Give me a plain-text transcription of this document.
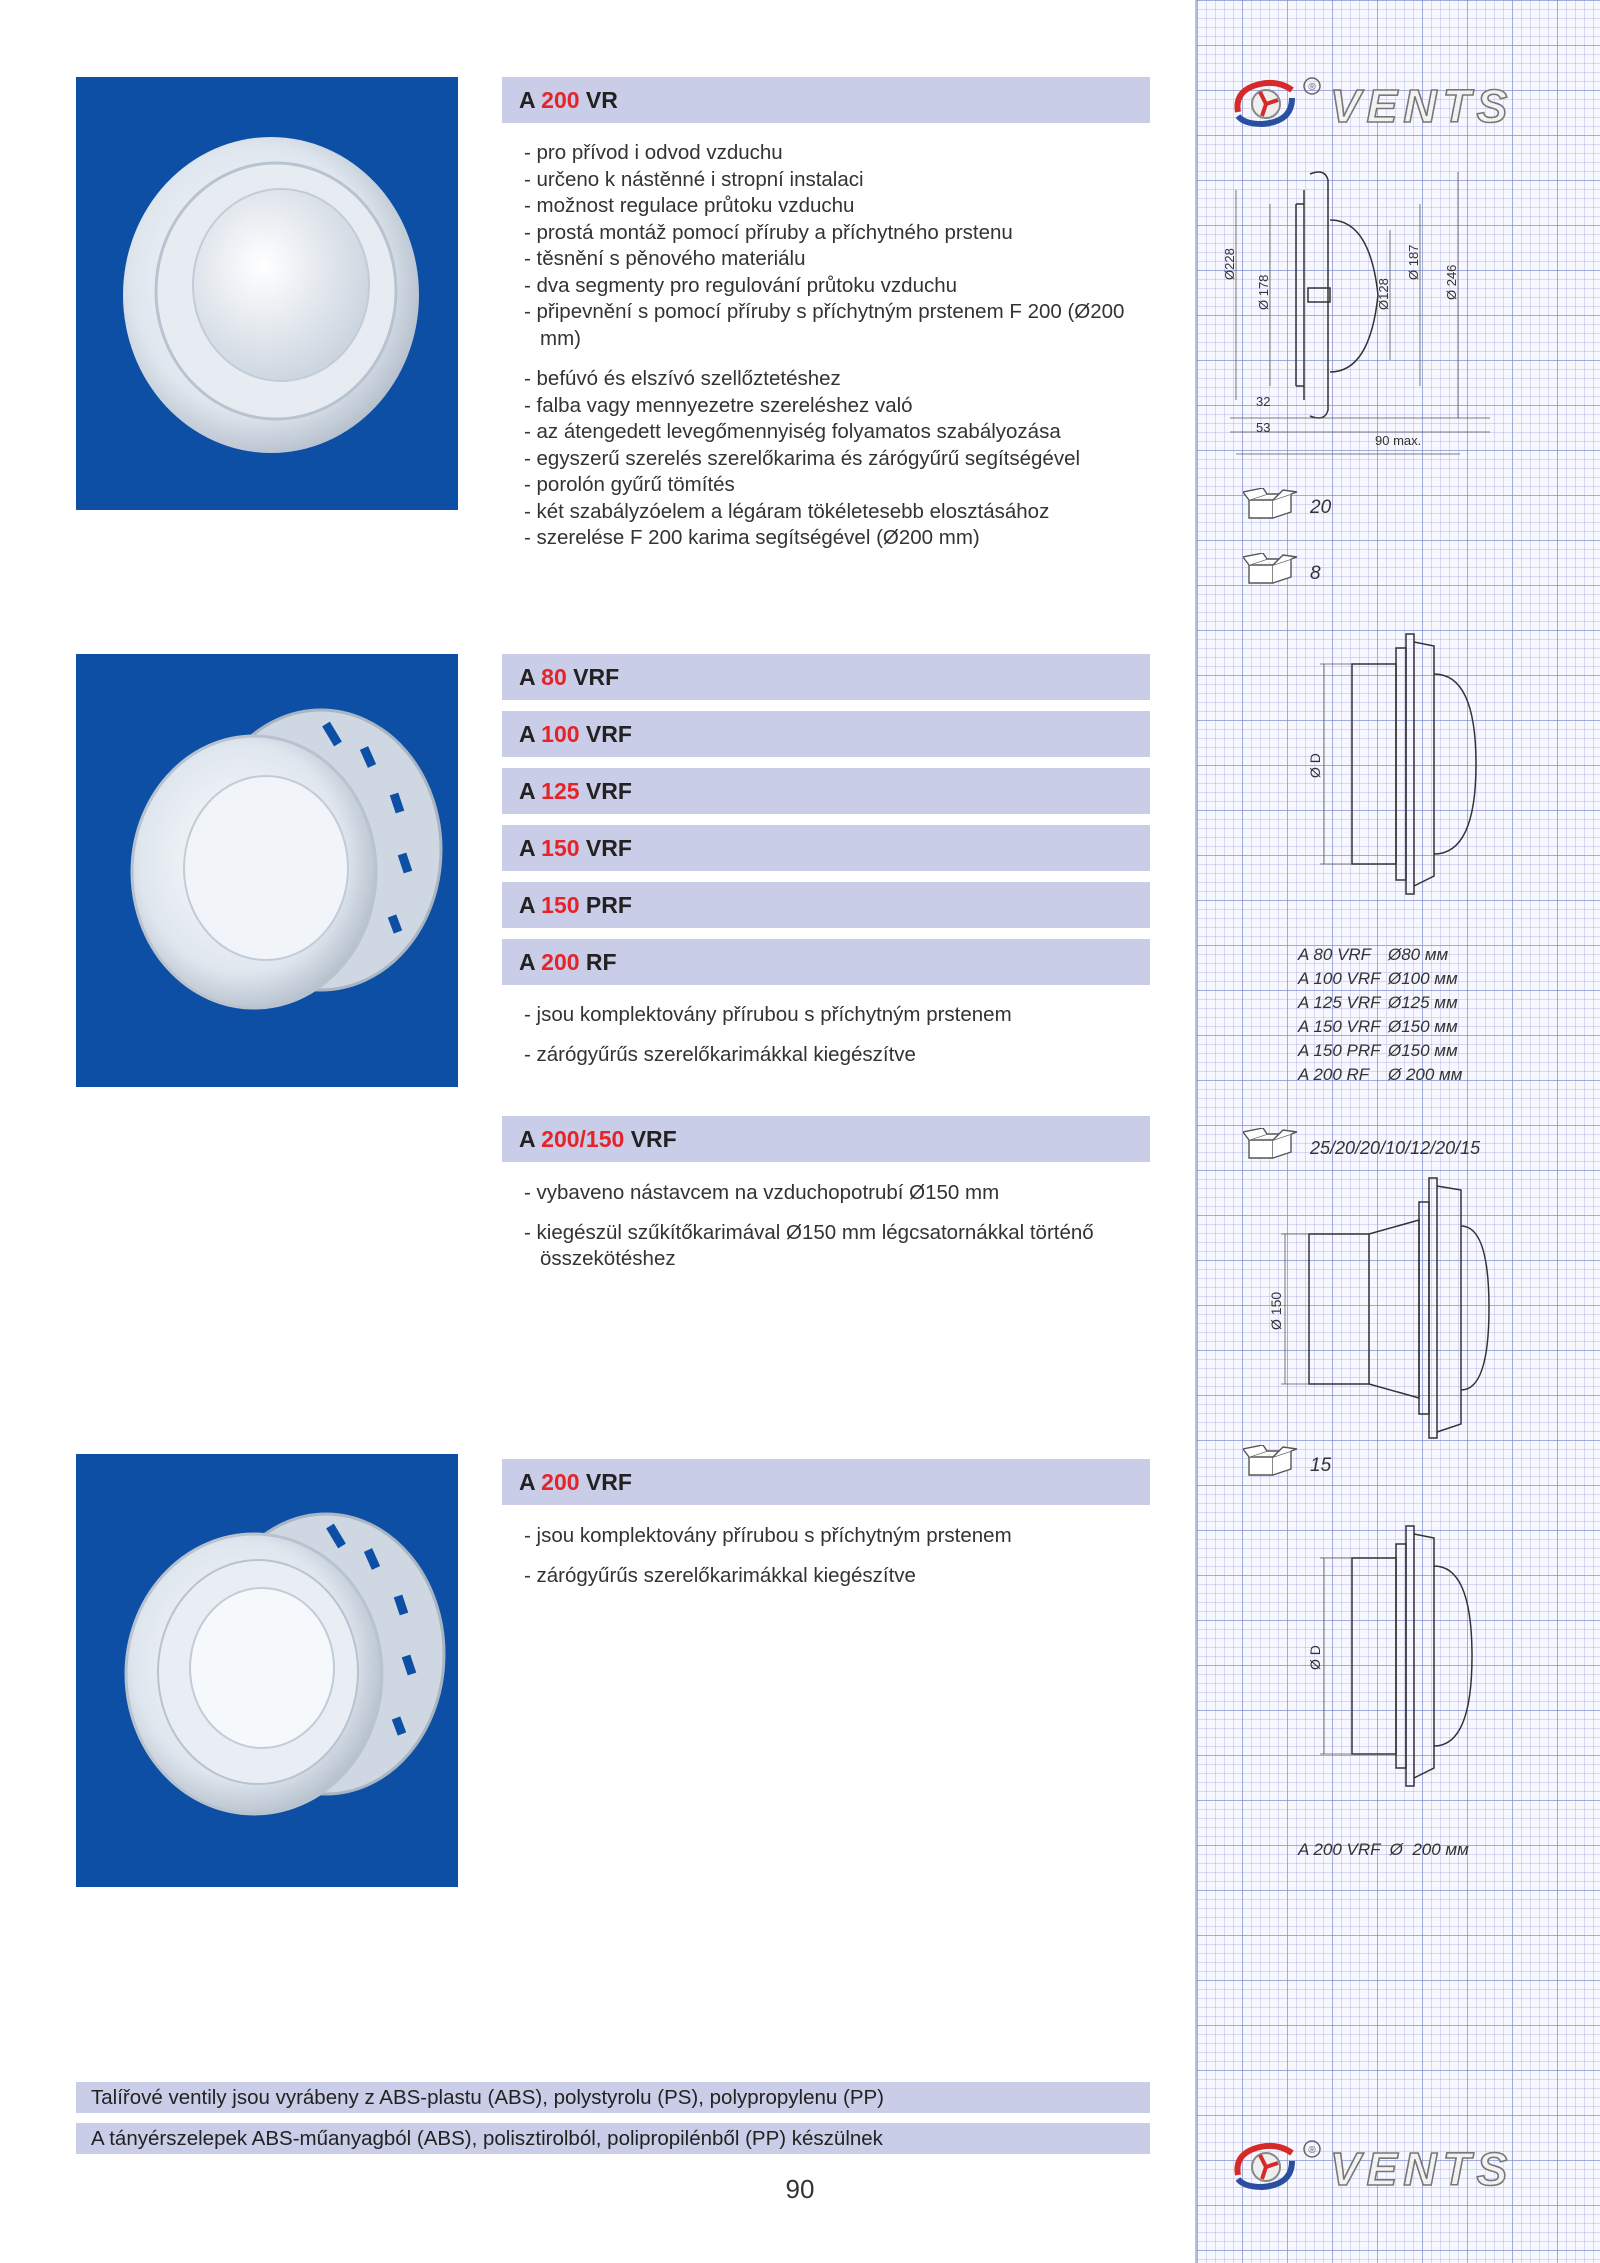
® VENTS
A 200 VR
- pro přívod i odvod vzduchu
- určeno k nástěnné i stropní instalaci
- možnost regulace průtoku vzduchu
- prostá montáž pomocí příruby a příchytného prstenu
- těsnění s pěnového materiálu
- dva segmenty pro regulování průtoku vzduchu
- připevnění s pomocí příruby s příchytným prstenem F 200 (Ø200 mm)
- befúvó és elszívó szellőztetéshez
- falba vagy mennyezetre szereléshez való
- az átengedett levegőmennyiség folyamatos szabályozása
- egyszerű szerelés szerelőkarima és zárógyűrű segítségével
- porolón gyűrű tömítés
- két szabályzóelem a légáram tökéletesebb elosztásához
- szerelése F 200 karima segítségével (Ø200 mm)
Ø228
Ø 178	Ø128
Ø 187
Ø 246
32
53
90 max.
20
8
A 80 VRF
A 100 VRF
A 125 VRF
A 150 VRF
A 150 PRF
A 200 RF
- jsou komplektovány přírubou s příchytným prstenem
- zárógyűrűs szerelőkarimákkal kiegészítve
Ø D
A 80 VRF Ø80 мм
A 100 VRF Ø100 мм
A 125 VRF Ø125 мм
A 150 VRF Ø150 мм
A 150 PRF Ø150 мм
A 200 RF Ø 200 мм
25/20/20/10/12/20/15
A 200/150 VRF
- vybaveno nástavcem na vzduchopotrubí Ø150 mm
- kiegészül szűkítőkarimával Ø150 mm légcsatornákkal történő összekötéshez
Ø 150
15
A 200 VRF
- jsou komplektovány přírubou s příchytným prstenem
- zárógyűrűs szerelőkarimákkal kiegészítve
Ø D
A 200 VRF  Ø  200 мм
Talířové ventily jsou vyrábeny z ABS-plastu (ABS), polystyrolu (PS), polypropylenu (PP)
A tányérszelepek ABS-műanyagból (ABS), polisztirolból, polipropilénből (PP) készülnek
90
® VENTS
